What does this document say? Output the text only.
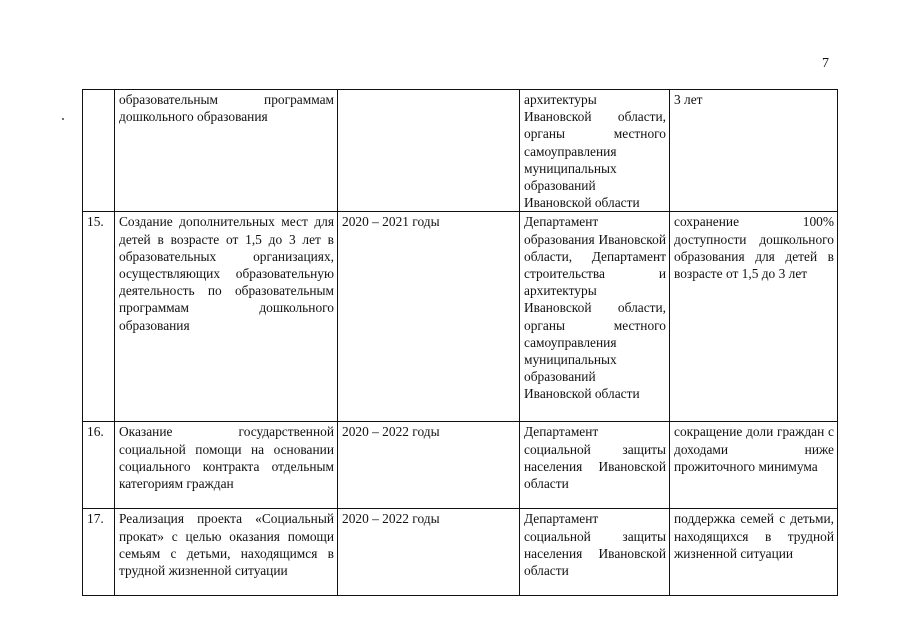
7
	образовательным программам дошкольного образования		архитектуры Ивановской области, органы местного самоуправления муниципальных образований Ивановской области	3 лет
15.	Создание дополнительных мест для детей в возрасте от 1,5 до 3 лет в образовательных организациях, осуществляющих образовательную деятельность по образовательным программам дошкольного образования	2020 – 2021 годы	Департамент образования Ивановской области, Департамент строительства и архитектуры Ивановской области, органы местного самоуправления муниципальных образований Ивановской области	сохранение 100% доступности дошкольного образования для детей в возрасте от 1,5 до 3 лет
16.	Оказание государственной социальной помощи на основании социального контракта отдельным категориям граждан	2020 – 2022 годы	Департамент социальной защиты населения Ивановской области	сокращение доли граждан с доходами ниже прожиточного минимума
17.	Реализация проекта «Социальный прокат» с целью оказания помощи семьям с детьми, находящимся в трудной жизненной ситуации	2020 – 2022 годы	Департамент социальной защиты населения Ивановской области	поддержка семей с детьми, находящихся в трудной жизненной ситуации
